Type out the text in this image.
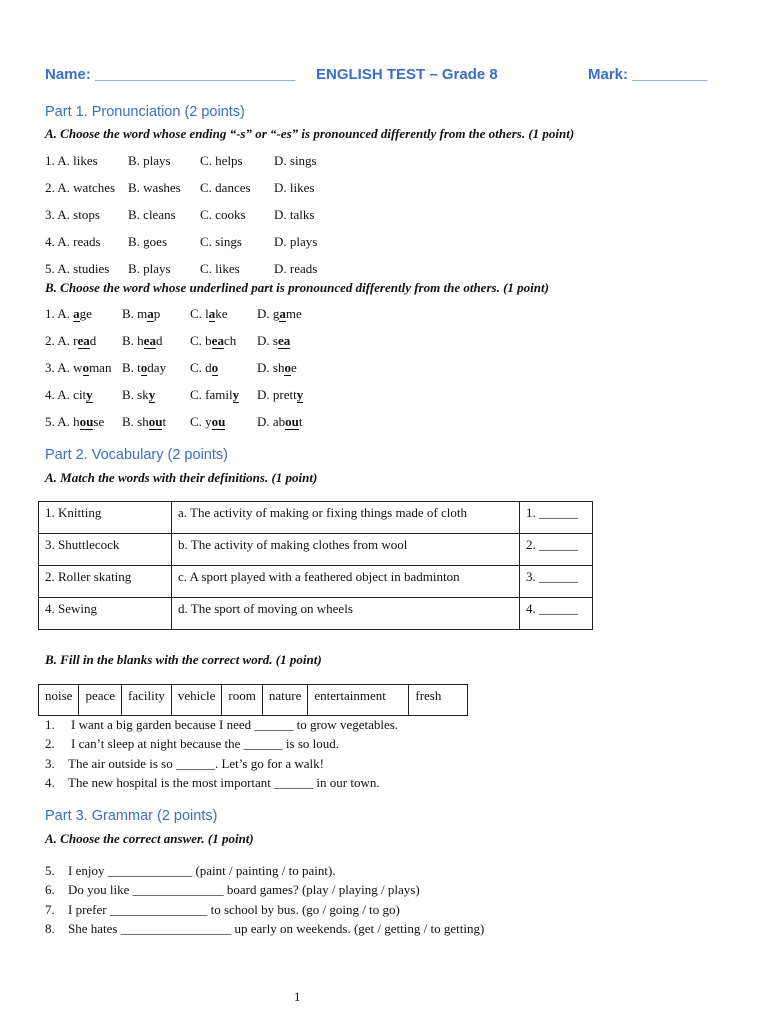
Name: ________________________ ENGLISH TEST – Grade 8	Mark: _________
Part 1. Pronunciation (2 points)
A. Choose the word whose ending “-s” or “-es” is pronounced differently from the others. (1 point)
1. A. likes B. plays C. helps D. sings
2. A. watches B. washes C. dances D. likes
3. A. stops B. cleans C. cooks D. talks
4. A. reads B. goes	C. sings D. plays
5. A. studies B. plays C. likes	D. reads
B. Choose the word whose underlined part is pronounced differently from the others. (1 point)
1. A. age B. map C. lake D. game
2. A. read B. head C. beach D. sea
3. A. woman B. today C. do	D. shoe
4. A. city B. sky	C. family D. pretty
5. A. house B. shout C. you D. about
Part 2. Vocabulary (2 points)
A. Match the words with their definitions. (1 point)
1. Knitting	a. The activity of making or fixing things made of cloth	1. ______
3. Shuttlecock	b. The activity of making clothes from wool	2. ______
2. Roller skating	c. A sport played with a feathered object in badminton	3. ______
4. Sewing	d. The sport of moving on wheels	4. ______
B. Fill in the blanks with the correct word. (1 point)
noise	peace	facility	vehicle	room	nature	entertainment	fresh
1. I want a big garden because I need ______ to grow vegetables.
2. I can’t sleep at night because the ______ is so loud.
3. The air outside is so ______. Let’s go for a walk!
4. The new hospital is the most important ______ in our town.
Part 3. Grammar (2 points)
A. Choose the correct answer. (1 point)
5. I enjoy _____________ (paint / painting / to paint).
6. Do you like ______________ board games? (play / playing / plays)
7. I prefer _______________ to school by bus. (go / going / to go)
8. She hates _________________ up early on weekends. (get / getting / to getting)
1
